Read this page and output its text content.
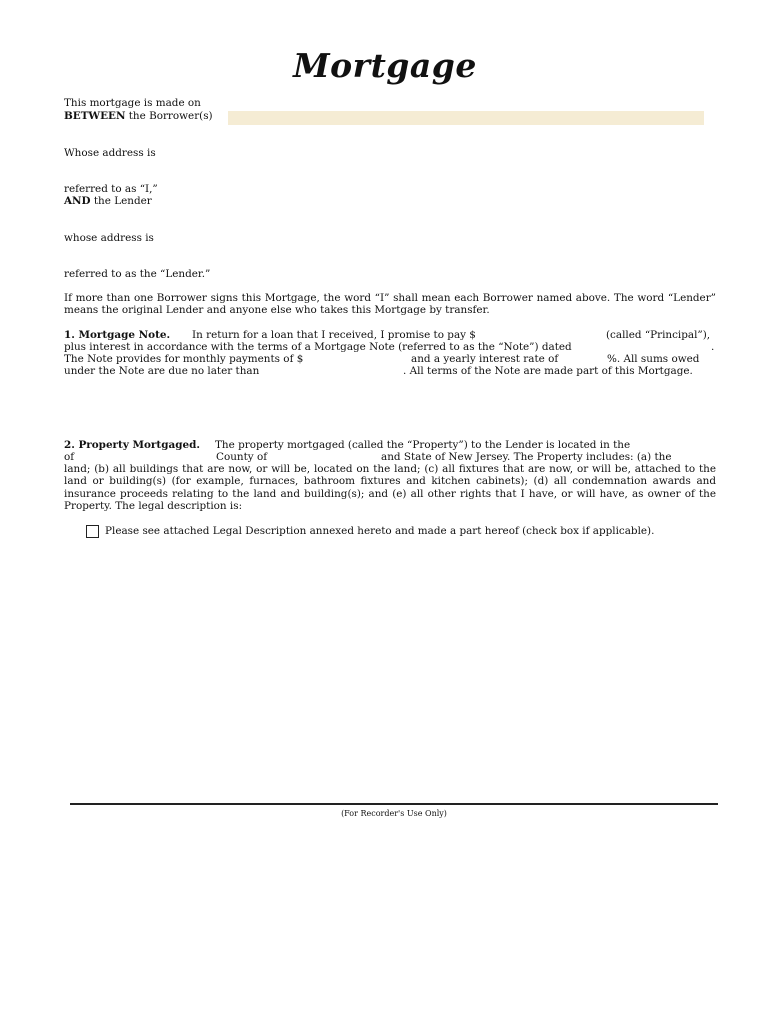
Mortgage
This mortgage is made on
BETWEEN the Borrower(s)
Whose address is
referred to as “I,”
AND the Lender
whose address is
referred to as the “Lender.”
If more than one Borrower signs this Mortgage, the word “I” shall mean each Borrower named above. The word “Lender” means the original Lender and anyone else who takes this Mortgage by transfer.
1. Mortgage Note. In return for a loan that I received, I promise to pay $	(called “Principal”),
plus interest in accordance with the terms of a Mortgage Note (referred to as the “Note”) dated	.
The Note provides for monthly payments of $	and a yearly interest rate of	%. All sums owed
under the Note are due no later than	. All terms of the Note are made part of this Mortgage.
2. Property Mortgaged. The property mortgaged (called the “Property”) to the Lender is located in the
of	County of	and State of New Jersey. The Property includes: (a) the
land; (b) all buildings that are now, or will be, located on the land; (c) all fixtures that are now, or will be, attached to the land or building(s) (for example, furnaces, bathroom fixtures and kitchen cabinets); (d) all condemnation awards and insurance proceeds relating to the land and building(s); and (e) all other rights that I have, or will have, as owner of the Property. The legal description is:
Please see attached Legal Description annexed hereto and made a part hereof (check box if applicable).
(For Recorder's Use Only)
